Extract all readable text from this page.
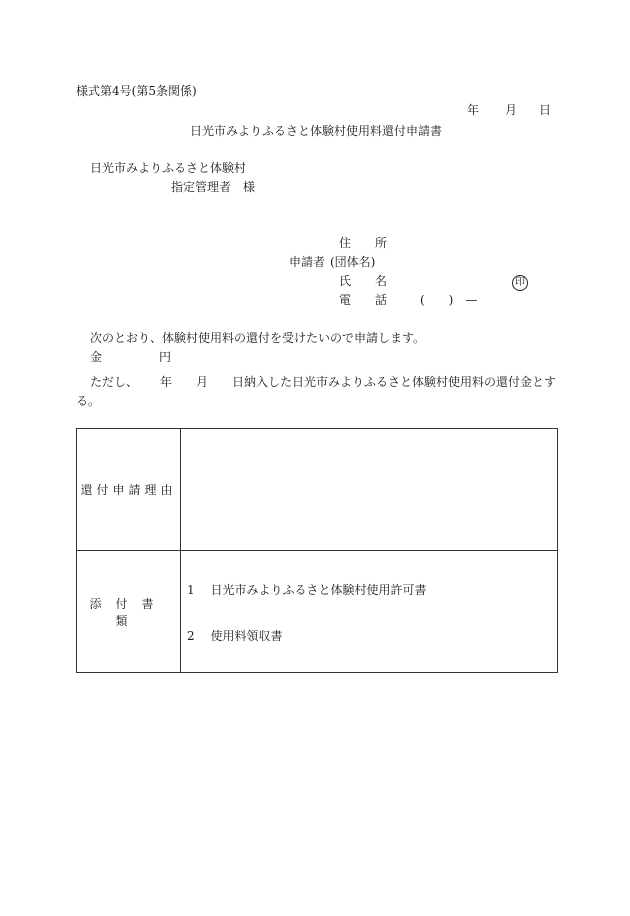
様式第4号(第5条関係)
年 月 日
日光市みよりふるさと体験村使用料還付申請書
日光市みよりふるさと体験村
指定管理者　様
住　　所
申請者 (団体名)
氏　　名	印
電　　話	(　　)　—
次のとおり、体験村使用料の還付を受けたいので申請します。
金	円
ただし、 年 月 日納入した日光市みよりふるさと体験村使用料の還付金とす
る。
還付申請理由	
添付書類	1　 日光市みよりふるさと体験村使用許可書
2　 使用料領収書
